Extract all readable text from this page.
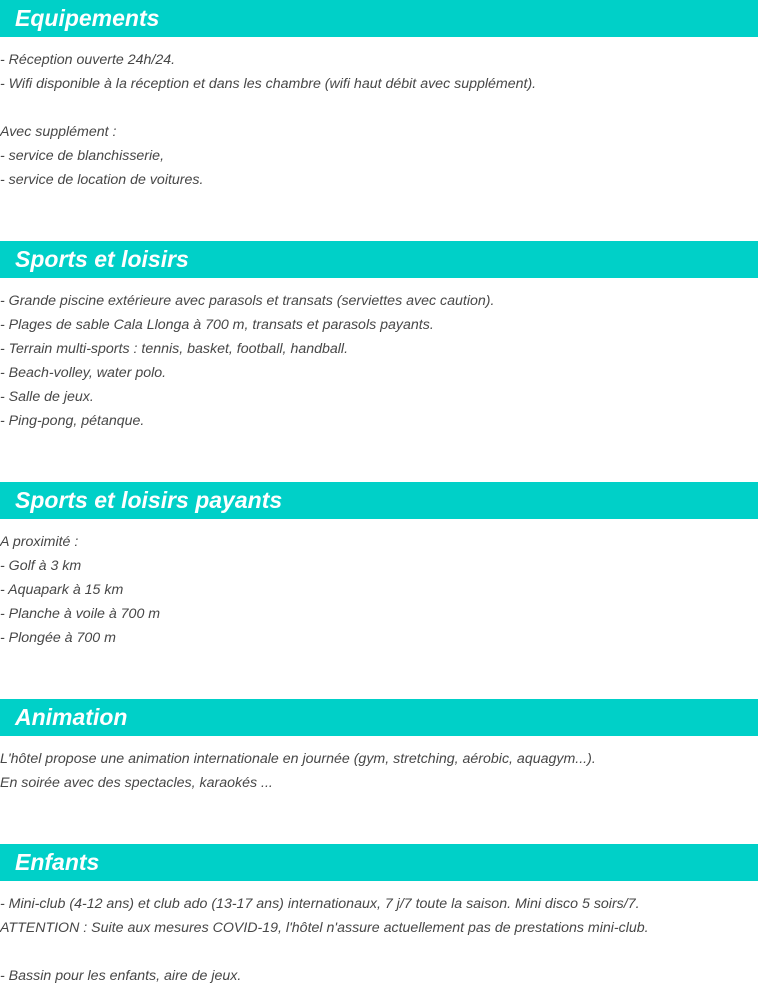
Equipements
- Réception ouverte 24h/24.
- Wifi disponible à la réception et dans les chambre (wifi haut débit avec supplément).
Avec supplément :
- service de blanchisserie,
- service de location de voitures.
Sports et loisirs
- Grande piscine extérieure avec parasols et transats (serviettes avec caution).
- Plages de sable Cala Llonga à 700 m, transats et parasols payants.
- Terrain multi-sports : tennis, basket, football, handball.
- Beach-volley, water polo.
- Salle de jeux.
- Ping-pong, pétanque.
Sports et loisirs payants
A proximité :
- Golf à 3 km
- Aquapark à 15 km
- Planche à voile à 700 m
- Plongée à 700 m
Animation
L'hôtel propose une animation internationale en journée (gym, stretching, aérobic, aquagym...).
En soirée avec des spectacles, karaokés ...
Enfants
- Mini-club (4-12 ans) et club ado (13-17 ans) internationaux, 7 j/7 toute la saison. Mini disco 5 soirs/7.
ATTENTION : Suite aux mesures COVID-19, l'hôtel n'assure actuellement pas de prestations mini-club.
- Bassin pour les enfants, aire de jeux.
